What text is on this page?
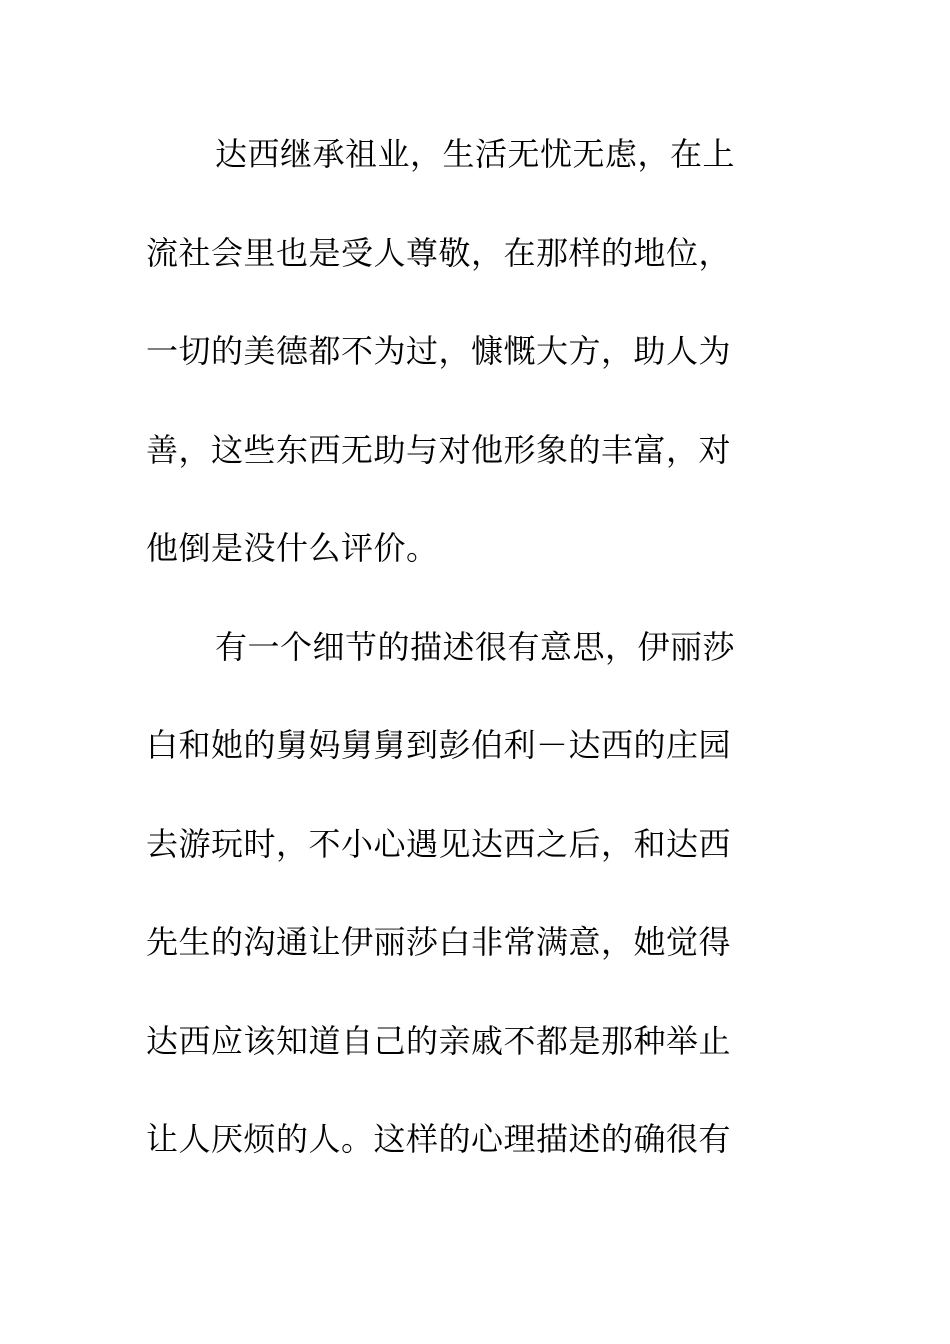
达西继承祖业，生活无忧无虑，在上
流社会里也是受人尊敬，在那样的地位，
一切的美德都不为过，慷慨大方，助人为
善，这些东西无助与对他形象的丰富，对
他倒是没什么评价。
有一个细节的描述很有意思，伊丽莎
白和她的舅妈舅舅到彭伯利－达西的庄园
去游玩时，不小心遇见达西之后，和达西
先生的沟通让伊丽莎白非常满意，她觉得
达西应该知道自己的亲戚不都是那种举止
让人厌烦的人。这样的心理描述的确很有
